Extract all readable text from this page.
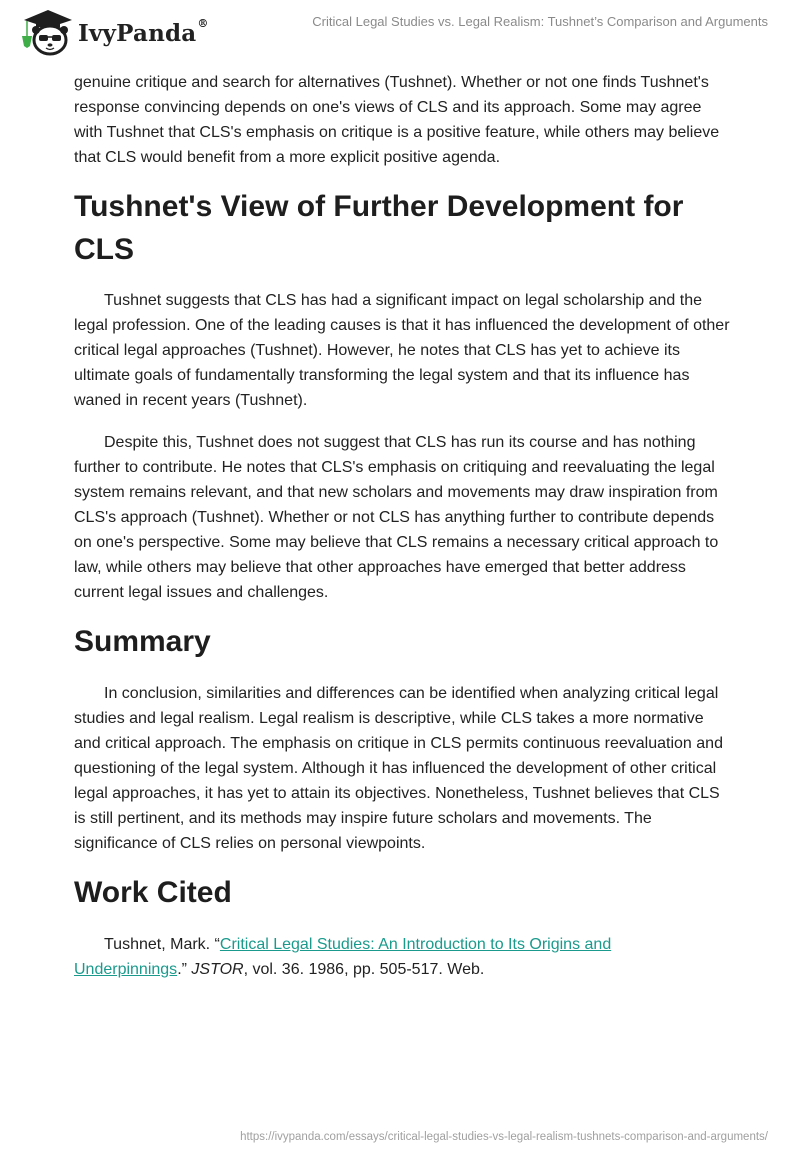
IvyPanda®	Critical Legal Studies vs. Legal Realism: Tushnet’s Comparison and Arguments

genuine critique and search for alternatives (Tushnet). Whether or not one finds Tushnet's response convincing depends on one's views of CLS and its approach. Some may agree with Tushnet that CLS's emphasis on critique is a positive feature, while others may believe that CLS would benefit from a more explicit positive agenda.

Tushnet's View of Further Development for CLS

Tushnet suggests that CLS has had a significant impact on legal scholarship and the legal profession. One of the leading causes is that it has influenced the development of other critical legal approaches (Tushnet). However, he notes that CLS has yet to achieve its ultimate goals of fundamentally transforming the legal system and that its influence has waned in recent years (Tushnet).

Despite this, Tushnet does not suggest that CLS has run its course and has nothing further to contribute. He notes that CLS's emphasis on critiquing and reevaluating the legal system remains relevant, and that new scholars and movements may draw inspiration from CLS's approach (Tushnet). Whether or not CLS has anything further to contribute depends on one's perspective. Some may believe that CLS remains a necessary critical approach to law, while others may believe that other approaches have emerged that better address current legal issues and challenges.

Summary

In conclusion, similarities and differences can be identified when analyzing critical legal studies and legal realism. Legal realism is descriptive, while CLS takes a more normative and critical approach. The emphasis on critique in CLS permits continuous reevaluation and questioning of the legal system. Although it has influenced the development of other critical legal approaches, it has yet to attain its objectives. Nonetheless, Tushnet believes that CLS is still pertinent, and its methods may inspire future scholars and movements. The significance of CLS relies on personal viewpoints.

Work Cited

Tushnet, Mark. “Critical Legal Studies: An Introduction to Its Origins and Underpinnings.” JSTOR, vol. 36. 1986, pp. 505-517. Web.

https://ivypanda.com/essays/critical-legal-studies-vs-legal-realism-tushnets-comparison-and-arguments/
